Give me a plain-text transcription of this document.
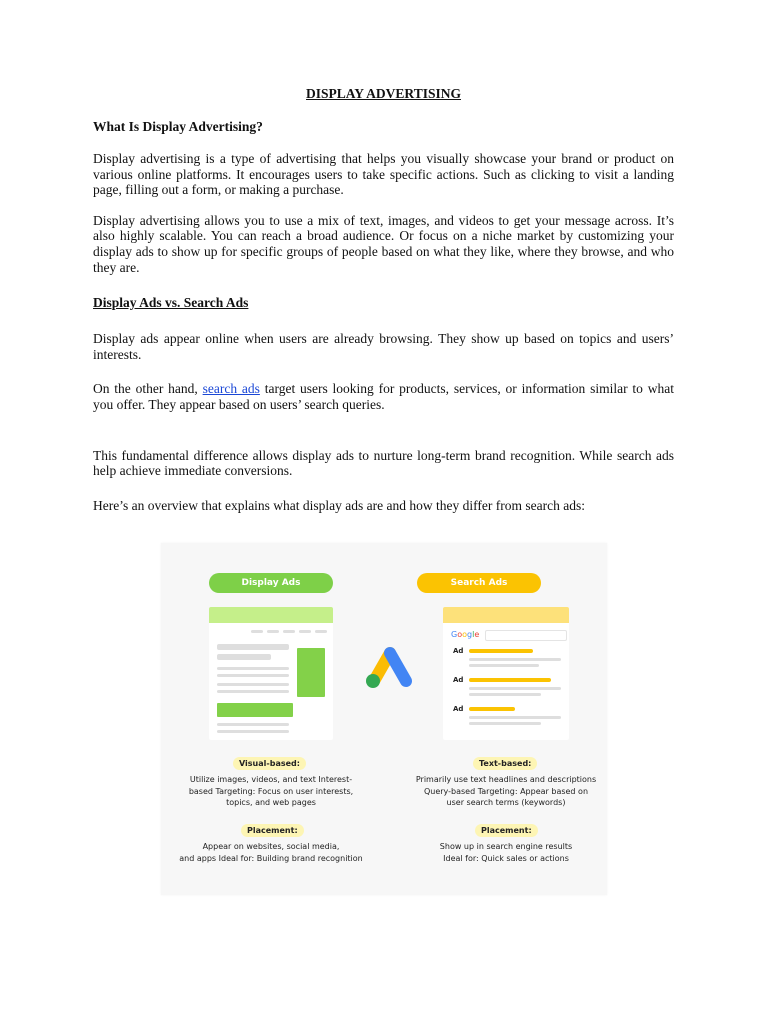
DISPLAY ADVERTISING
What Is Display Advertising?

Display advertising is a type of advertising that helps you visually showcase your brand or product on various online platforms. It encourages users to take specific actions. Such as clicking to visit a landing page, filling out a form, or making a purchase.

Display advertising allows you to use a mix of text, images, and videos to get your message across. It’s also highly scalable. You can reach a broad audience. Or focus on a niche market by customizing your display ads to show up for specific groups of people based on what they like, where they browse, and who they are.

Display Ads vs. Search Ads

Display ads appear online when users are already browsing. They show up based on topics and users’ interests.

On the other hand, search ads target users looking for products, services, or information similar to what you offer. They appear based on users’ search queries.

This fundamental difference allows display ads to nurture long-term brand recognition. While search ads help achieve immediate conversions.

Here’s an overview that explains what display ads are and how they differ from search ads:

Display Ads	Search Ads
Google
Ad
Ad
Ad
Visual-based:
Utilize images, videos, and text Interest-
based Targeting: Focus on user interests,
topics, and web pages
Placement:
Appear on websites, social media,
and apps Ideal for: Building brand recognition
Text-based:
Primarily use text headlines and descriptions
Query-based Targeting: Appear based on
user search terms (keywords)
Placement:
Show up in search engine results
Ideal for: Quick sales or actions
